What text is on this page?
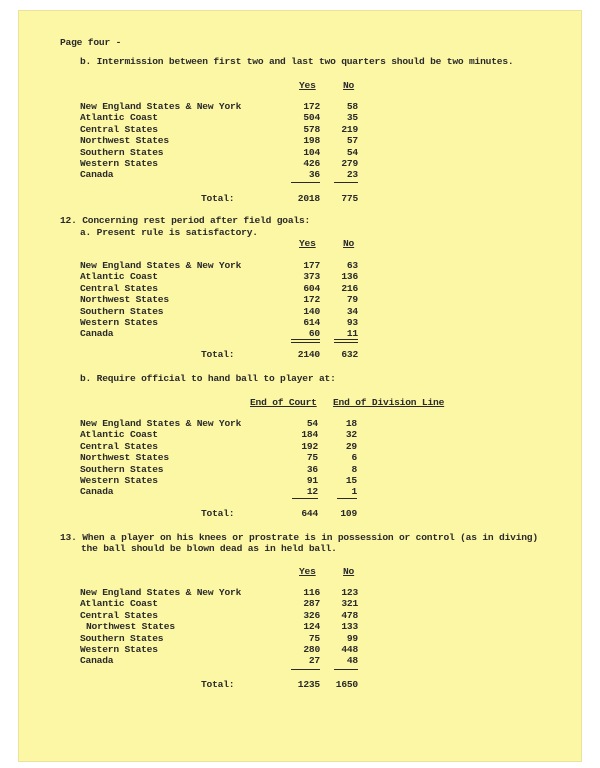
Page four -
b. Intermission between first two and last two quarters should be two minutes.
Yes	No
New England States & New York	172	58
Atlantic Coast	504	35
Central States	578	219
Northwest States	198	57
Southern States	104	54
Western States	426	279
Canada	36	23
Total:	2018	775
12. Concerning rest period after field goals:
a. Present rule is satisfactory.
Yes	No
New England States & New York	177	63
Atlantic Coast	373	136
Central States	604	216
Northwest States	172	79
Southern States	140	34
Western States	614	93
Canada	60	11
Total:	2140	632
b. Require official to hand ball to player at:
End of Court End of Division Line
New England States & New York	54	18
Atlantic Coast	184	32
Central States	192	29
Northwest States	75	6
Southern States	36	8
Western States	91	15
Canada	12	1
Total:	644	109
13. When a player on his knees or prostrate is in possession or control (as in diving)
the ball should be blown dead as in held ball.
Yes	No
New England States & New York	116	123
Atlantic Coast	287	321
Central States	326	478
Northwest States	124	133
Southern States	75	99
Western States	280	448
Canada	27	48
Total:	1235	1650
